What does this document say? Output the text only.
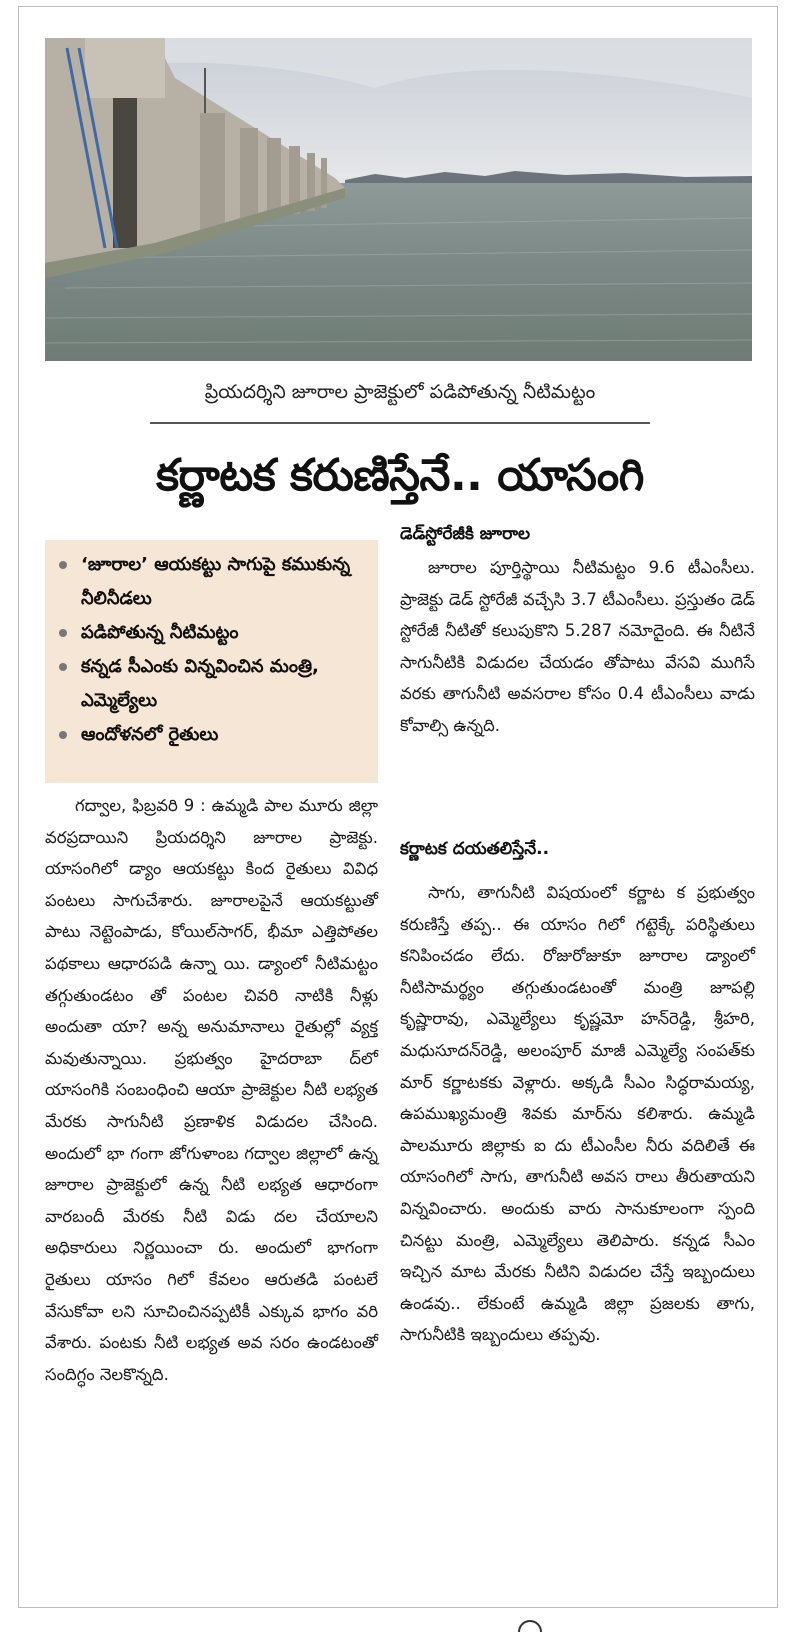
ప్రియదర్శిని జూరాల ప్రాజెక్టులో పడిపోతున్న నీటిమట్టం
కర్ణాటక కరుణిస్తేనే.. యాసంగి
‘జూరాల’ ఆయకట్టు సాగుపై కముకున్న నీలినీడలు
పడిపోతున్న నీటిమట్టం
కన్నడ సీఎంకు విన్నవించిన మంత్రి, ఎమ్మెల్యేలు
ఆందోళనలో రైతులు

గద్వాల, ఫిబ్రవరి 9 : ఉమ్మడి పాల మూరు జిల్లా వరప్రదాయిని ప్రియదర్శిని జూరాల ప్రాజెక్టు. యాసంగిలో డ్యాం ఆయకట్టు కింద రైతులు వివిధ పంటలు సాగుచేశారు. జూరాలపైనే ఆయకట్టుతో పాటు నెట్టెంపాడు, కోయిల్‌సాగర్, భీమా ఎత్తిపోతల పథకాలు ఆధారపడి ఉన్నా యి. డ్యాంలో నీటిమట్టం తగ్గుతుండటం తో పంటల చివరి నాటికి నీళ్లు అందుతా యా? అన్న అనుమానాలు రైతుల్లో వ్యక్త మవుతున్నాయి. ప్రభుత్వం హైదరాబా ద్‌లో యాసంగికి సంబంధించి ఆయా ప్రాజెక్టుల నీటి లభ్యత మేరకు సాగునీటి ప్రణాళిక విడుదల చేసింది. అందులో భా గంగా జోగుళాంబ గద్వాల జిల్లాలో ఉన్న జూరాల ప్రాజెక్టులో ఉన్న నీటి లభ్యత ఆధారంగా వారబందీ మేరకు నీటి విడు దల చేయాలని అధికారులు నిర్ణయించా రు. అందులో భాగంగా రైతులు యాసం గిలో కేవలం ఆరుతడి పంటలే వేసుకోవా లని సూచించినప్పటికీ ఎక్కువ భాగం వరి వేశారు. పంటకు నీటి లభ్యత అవ సరం ఉండటంతో సందిగ్ధం నెలకొన్నది.

డెడ్‌స్టోరేజీకి జూరాల

జూరాల పూర్తిస్థాయి నీటిమట్టం 9.6 టీఎంసీలు. ప్రాజెక్టు డెడ్ స్టోరేజీ వచ్చేసి 3.7 టీఎంసీలు. ప్రస్తుతం డెడ్ స్టోరేజీ నీటితో కలుపుకొని 5.287 నమోదైంది. ఈ నీటినే సాగునీటికి విడుదల చేయడం తోపాటు వేసవి ముగిసే వరకు తాగునీటి అవసరాల కోసం 0.4 టీఎంసీలు వాడు కోవాల్సి ఉన్నది.

కర్ణాటక దయతలిస్తేనే..

సాగు, తాగునీటి విషయంలో కర్ణాట క ప్రభుత్వం కరుణిస్తే తప్ప.. ఈ యాసం గిలో గట్టెక్కే పరిస్థితులు కనిపించడం లేదు. రోజురోజుకూ జూరాల డ్యాంలో నీటిసామర్థ్యం తగ్గుతుండటంతో మంత్రి జూపల్లి కృష్ణారావు, ఎమ్మెల్యేలు కృష్ణమో హన్‌రెడ్డి, శ్రీహరి, మధుసూదన్‌రెడ్డి, అలంపూర్ మాజీ ఎమ్మెల్యే సంపత్‌కు మార్ కర్ణాటకకు వెళ్లారు. అక్కడి సీఎం సిద్ధరామయ్య, ఉపముఖ్యమంత్రి శివకు మార్‌ను కలిశారు. ఉమ్మడి పాలమూరు జిల్లాకు ఐ దు టీఎంసీల నీరు వదిలితే ఈ యాసంగిలో సాగు, తాగునీటి అవస రాలు తీరుతాయని విన్నవించారు. అందుకు వారు సానుకూలంగా స్పంది చినట్టు మంత్రి, ఎమ్మెల్యేలు తెలిపారు. కన్నడ సీఎం ఇచ్చిన మాట మేరకు నీటిని విడుదల చేస్తే ఇబ్బందులు ఉండవు.. లేకుంటే ఉమ్మడి జిల్లా ప్రజలకు తాగు, సాగునీటికి ఇబ్బందులు తప్పవు.
